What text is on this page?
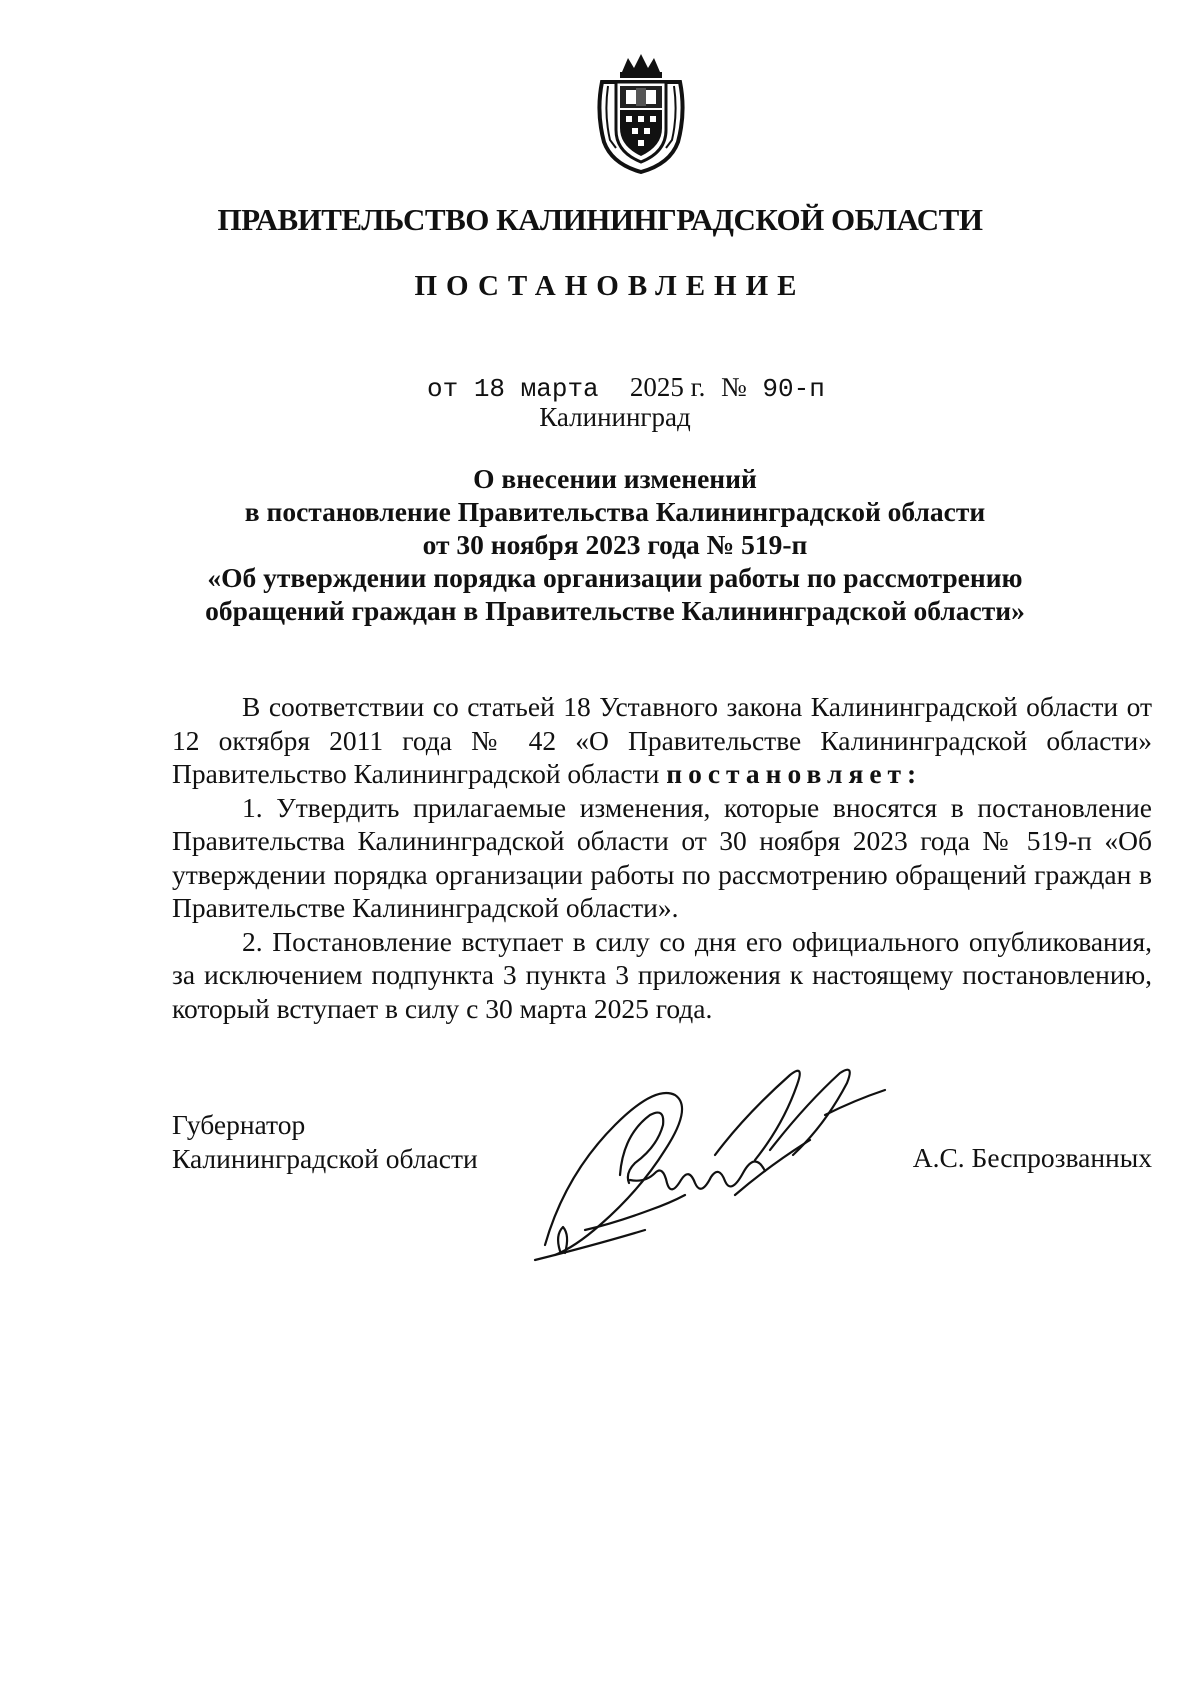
ПРАВИТЕЛЬСТВО КАЛИНИНГРАДСКОЙ ОБЛАСТИ
ПОСТАНОВЛЕНИЕ
от 18 марта 2025 г. № 90-п
Калининград
О внесении изменений
в постановление Правительства Калининградской области
от 30 ноября 2023 года № 519-п
«Об утверждении порядка организации работы по рассмотрению
обращений граждан в Правительстве Калининградской области»

В соответствии со статьей 18 Уставного закона Калининградской области от 12 октября 2011 года № 42 «О Правительстве Калининградской области» Правительство Калининградской области постановляет:

1. Утвердить прилагаемые изменения, которые вносятся в постановление Правительства Калининградской области от 30 ноября 2023 года № 519-п «Об утверждении порядка организации работы по рассмотрению обращений граждан в Правительстве Калининградской области».

2. Постановление вступает в силу со дня его официального опубликования, за исключением подпункта 3 пункта 3 приложения к настоящему постановлению, который вступает в силу с 30 марта 2025 года.

Губернатор
Калининградской области	А.С. Беспрозванных
